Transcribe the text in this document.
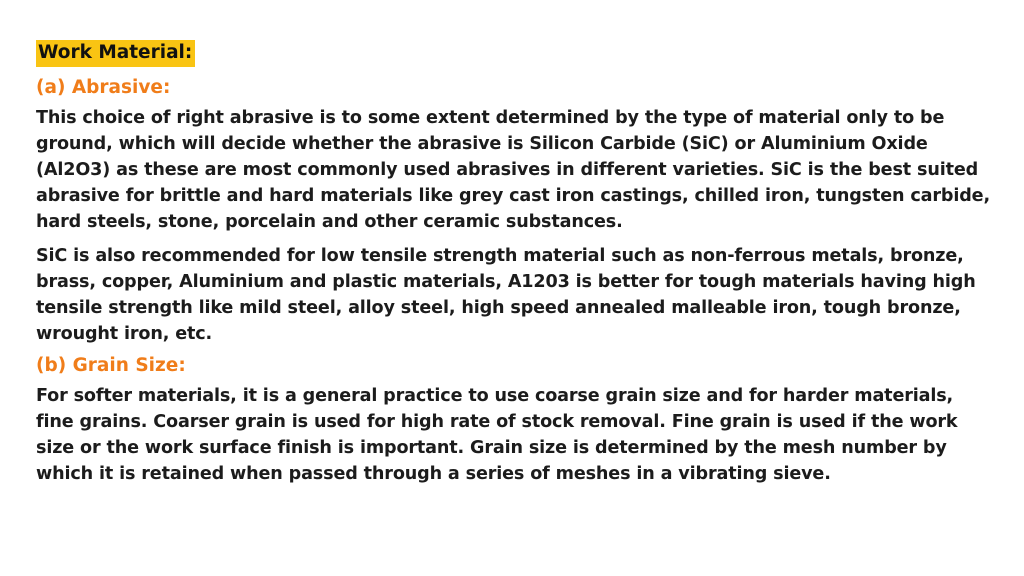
Work Material:
(a) Abrasive:

This choice of right abrasive is to some extent determined by the type of material only to be ground, which will decide whether the abrasive is Silicon Carbide (SiC) or Aluminium Oxide (Al2O3) as these are most commonly used abrasives in different varieties. SiC is the best suited abrasive for brittle and hard materials like grey cast iron castings, chilled iron, tungsten carbide, hard steels, stone, porcelain and other ceramic substances.

SiC is also recommended for low tensile strength material such as non-ferrous metals, bronze, brass, copper, Aluminium and plastic materials, A1203 is better for tough materials having high tensile strength like mild steel, alloy steel, high speed annealed malleable iron, tough bronze, wrought iron, etc.

(b) Grain Size:

For softer materials, it is a general practice to use coarse grain size and for harder materials, fine grains. Coarser grain is used for high rate of stock removal. Fine grain is used if the work size or the work surface finish is important. Grain size is determined by the mesh number by which it is retained when passed through a series of meshes in a vibrating sieve.
